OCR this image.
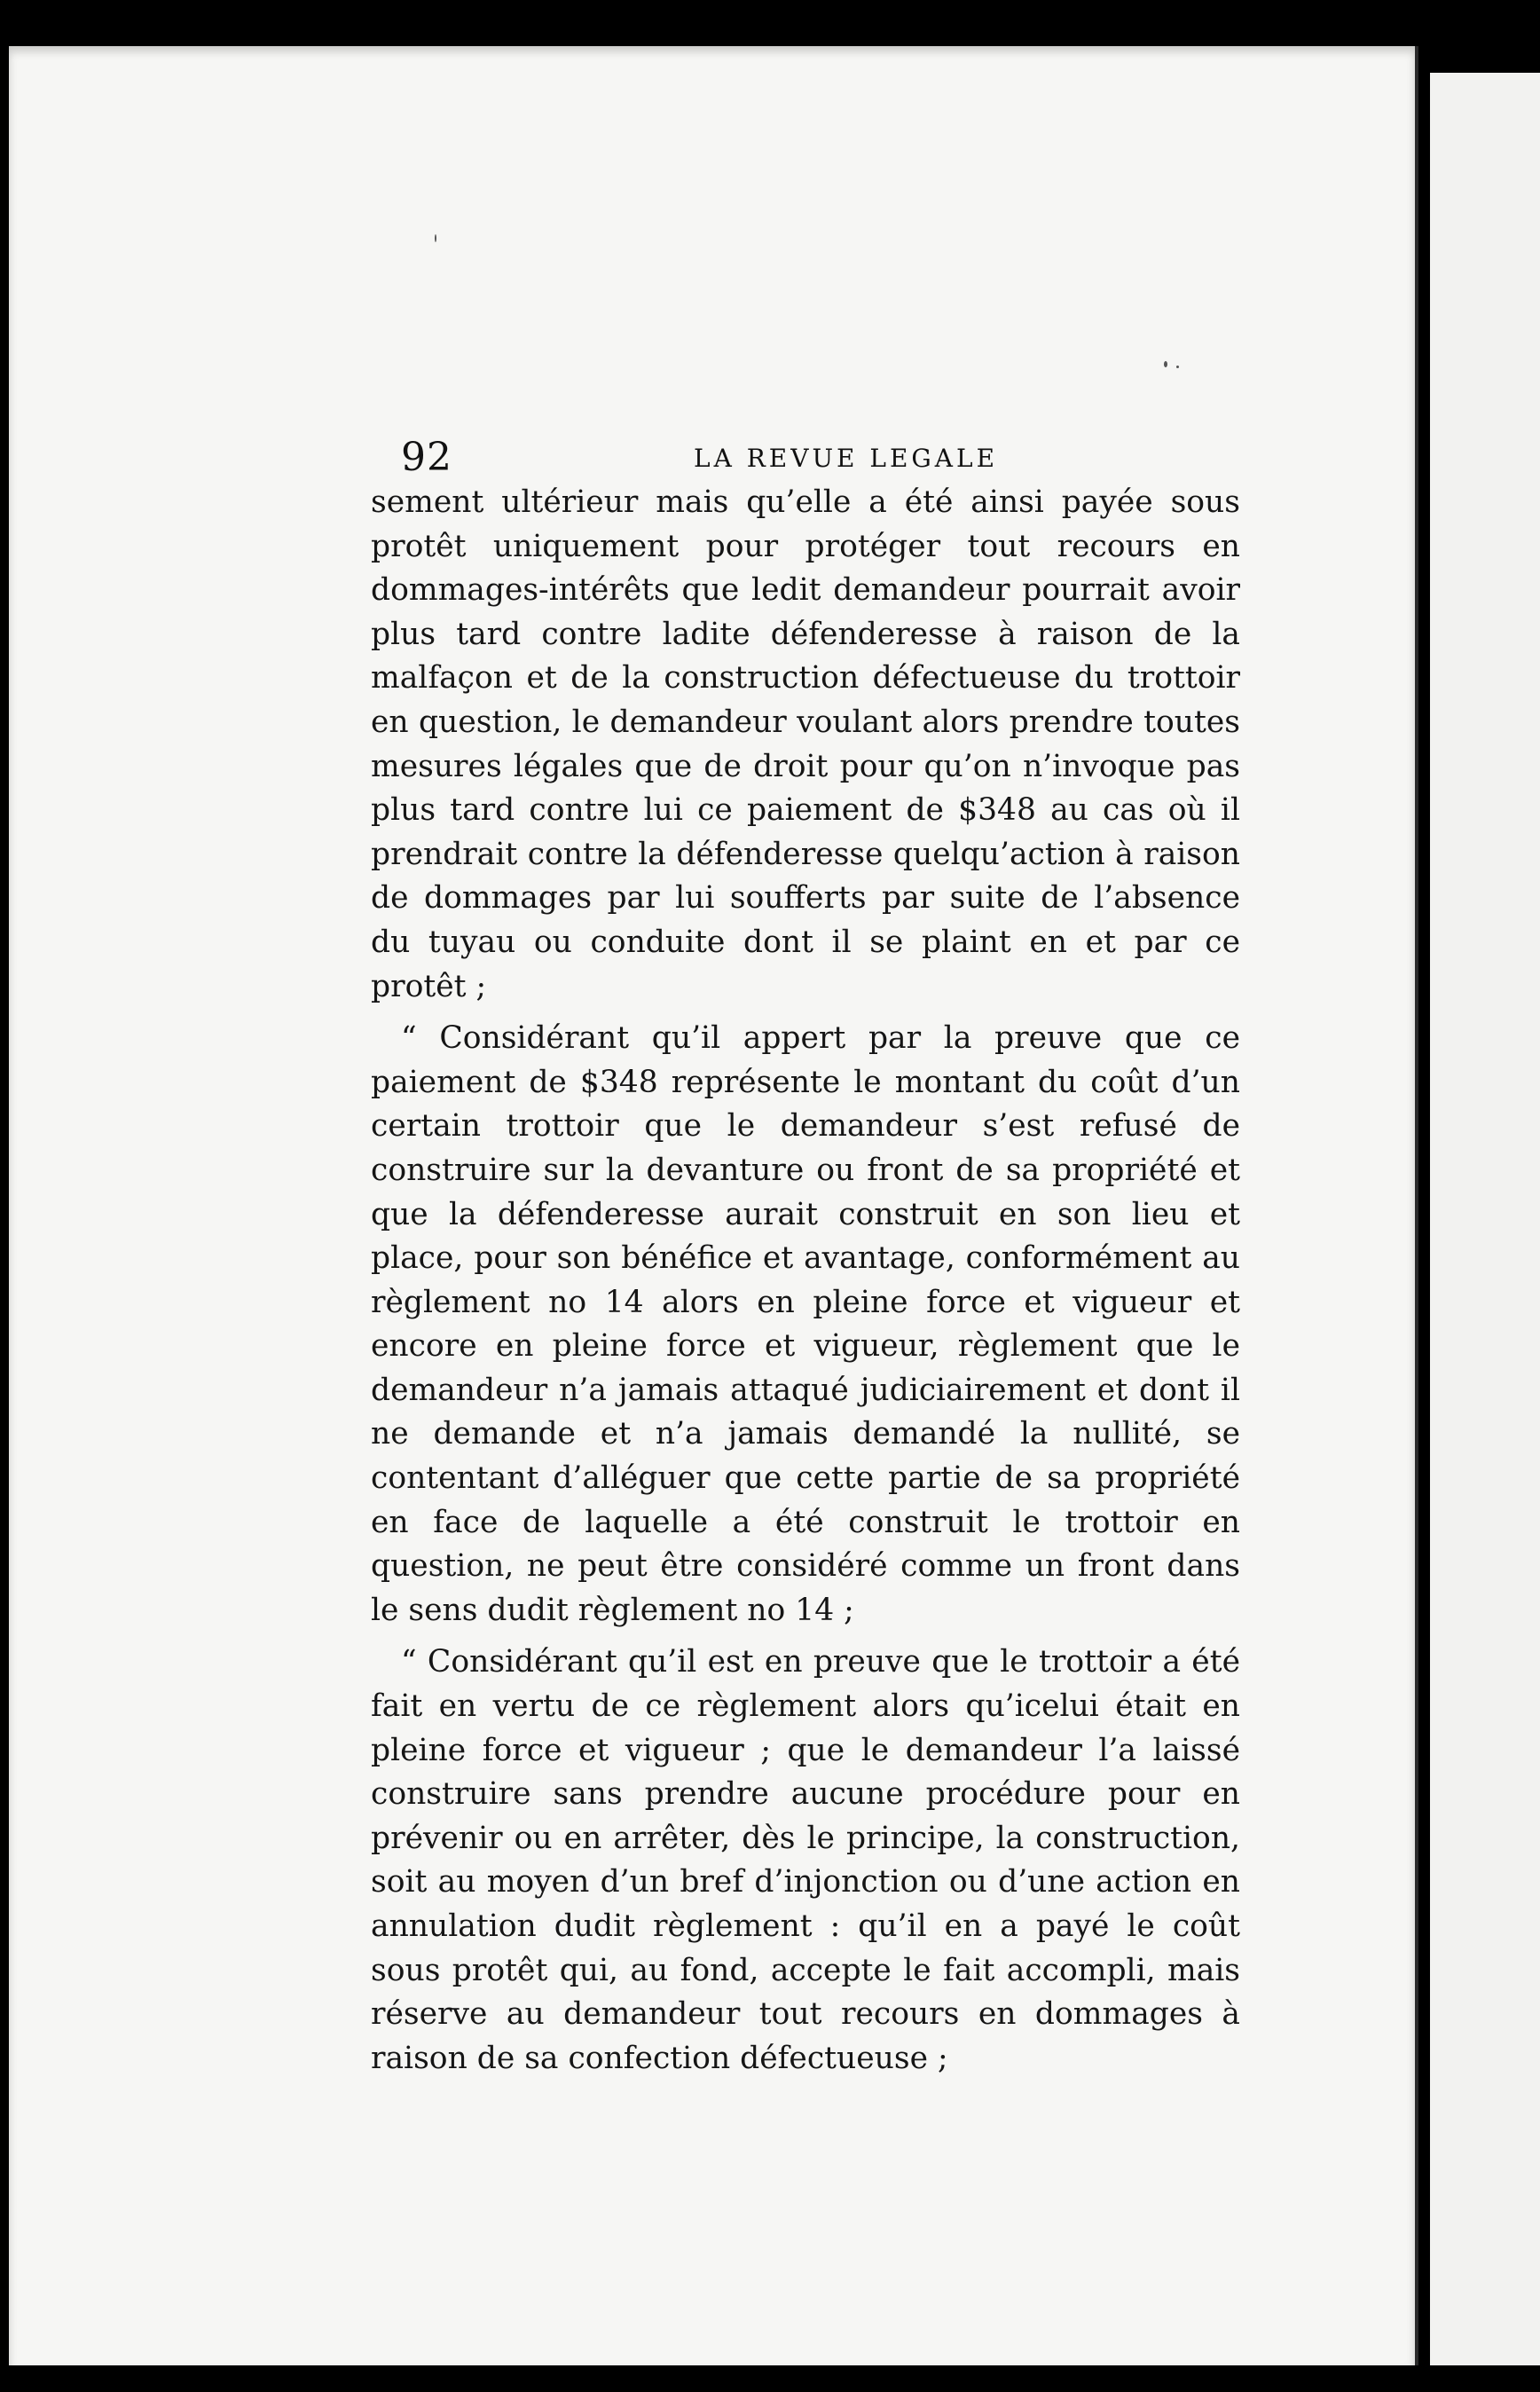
92	LA REVUE LEGALE

sement ultérieur mais qu’elle a été ainsi payée sous protêt uniquement pour protéger tout recours en dommages-intérêts que ledit demandeur pourrait avoir plus tard contre ladite défenderesse à raison de la malfaçon et de la construction défectueuse du trottoir en question, le demandeur voulant alors prendre toutes mesures légales que de droit pour qu’on n’invoque pas plus tard contre lui ce paiement de $348 au cas où il prendrait contre la défenderesse quelqu’action à raison de dommages par lui soufferts par suite de l’absence du tuyau ou conduite dont il se plaint en et par ce protêt ;

“ Considérant qu’il appert par la preuve que ce paiement de $348 représente le montant du coût d’un certain trottoir que le demandeur s’est refusé de construire sur la devanture ou front de sa propriété et que la défenderesse aurait construit en son lieu et place, pour son bénéfice et avantage, conformément au règlement no 14 alors en pleine force et vigueur et encore en pleine force et vigueur, règlement que le demandeur n’a jamais attaqué judiciairement et dont il ne demande et n’a jamais demandé la nullité, se contentant d’alléguer que cette partie de sa propriété en face de laquelle a été construit le trottoir en question, ne peut être considéré comme un front dans le sens dudit règlement no 14 ;

“ Considérant qu’il est en preuve que le trottoir a été fait en vertu de ce règlement alors qu’icelui était en pleine force et vigueur ; que le demandeur l’a laissé construire sans prendre aucune procédure pour en prévenir ou en arrêter, dès le principe, la construction, soit au moyen d’un bref d’injonction ou d’une action en annulation dudit règlement : qu’il en a payé le coût sous protêt qui, au fond, accepte le fait accompli, mais réserve au demandeur tout recours en dommages à raison de sa confection défectueuse ;
